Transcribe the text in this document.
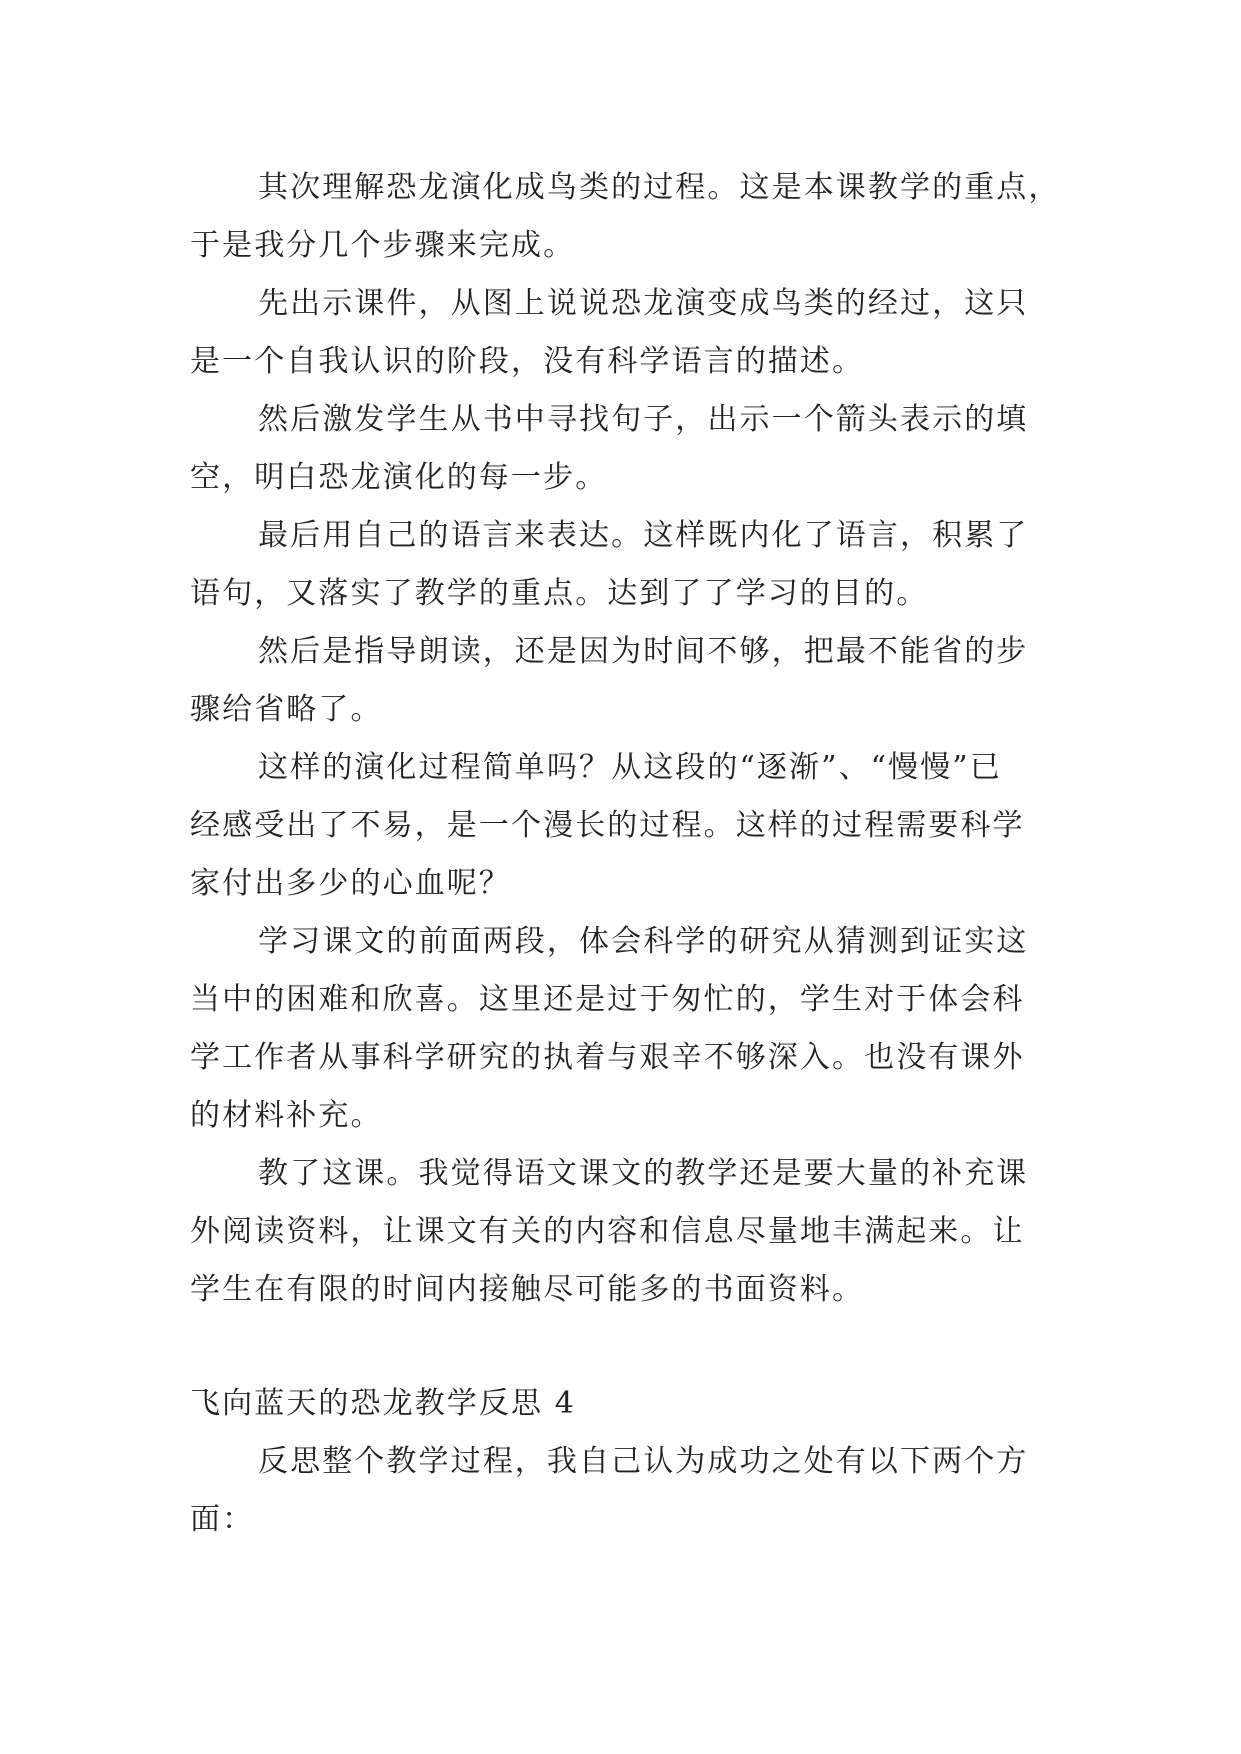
其次理解恐龙演化成鸟类的过程。这是本课教学的重点，
于是我分几个步骤来完成。
先出示课件，从图上说说恐龙演变成鸟类的经过，这只
是一个自我认识的阶段，没有科学语言的描述。
然后激发学生从书中寻找句子，出示一个箭头表示的填
空，明白恐龙演化的每一步。
最后用自己的语言来表达。这样既内化了语言，积累了
语句，又落实了教学的重点。达到了了学习的目的。
然后是指导朗读，还是因为时间不够，把最不能省的步
骤给省略了。
这样的演化过程简单吗？从这段的“逐渐”、“慢慢”已
经感受出了不易，是一个漫长的过程。这样的过程需要科学
家付出多少的心血呢？
学习课文的前面两段，体会科学的研究从猜测到证实这
当中的困难和欣喜。这里还是过于匆忙的，学生对于体会科
学工作者从事科学研究的执着与艰辛不够深入。也没有课外
的材料补充。
教了这课。我觉得语文课文的教学还是要大量的补充课
外阅读资料，让课文有关的内容和信息尽量地丰满起来。让
学生在有限的时间内接触尽可能多的书面资料。
飞向蓝天的恐龙教学反思 4
反思整个教学过程，我自己认为成功之处有以下两个方
面：
